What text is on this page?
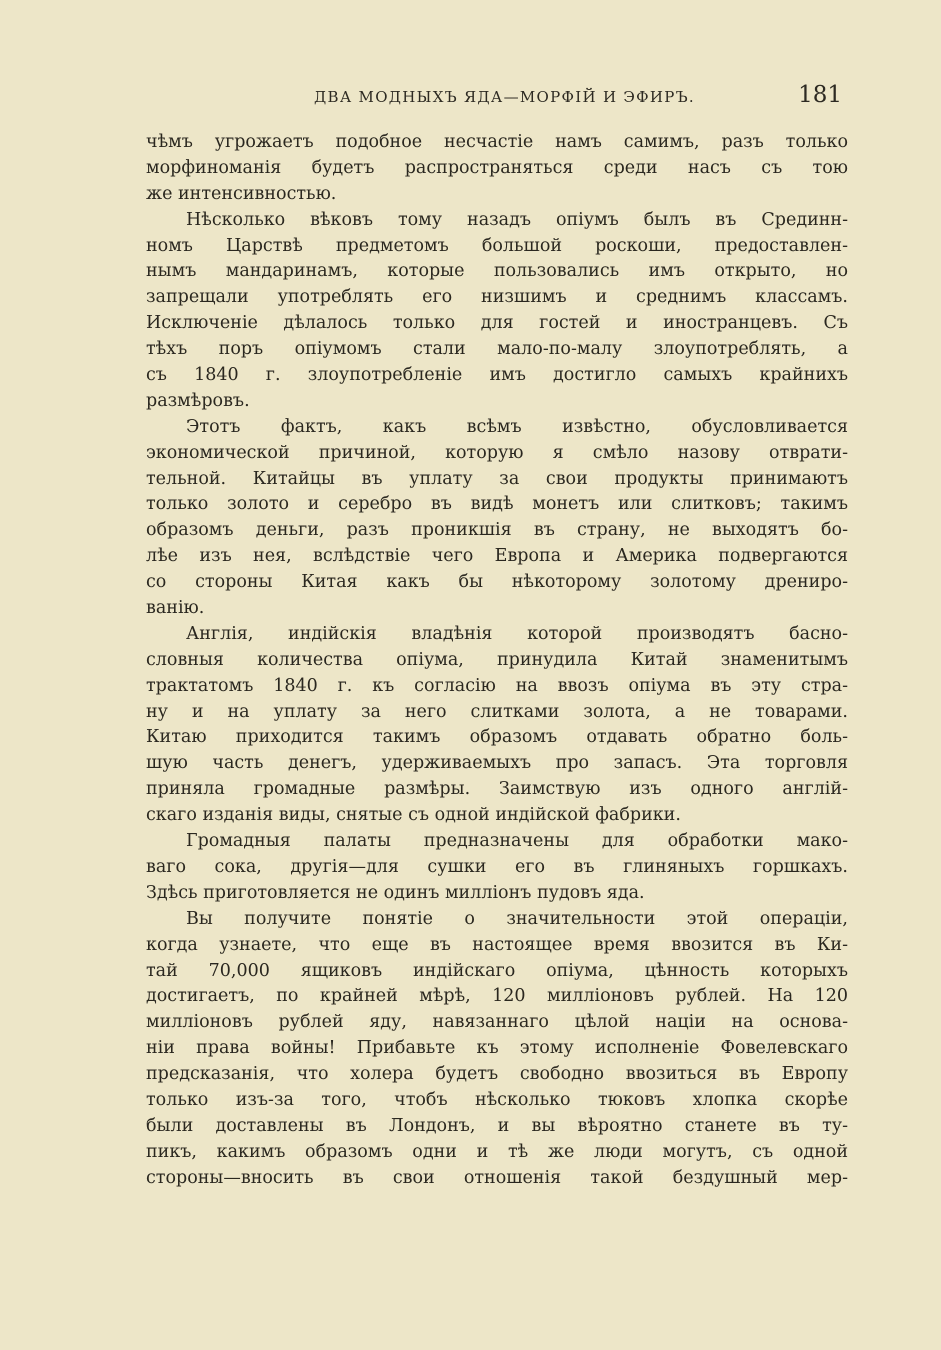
ДВА МОДНЫХЪ ЯДА—МОРФІЙ И ЭФИРЪ.	181
чѣмъ угрожаетъ подобное несчастіе намъ самимъ, разъ только
морфиноманія будетъ распространяться среди насъ съ тою
же интенсивностью.
Нѣсколько вѣковъ тому назадъ опіумъ былъ въ Срединн-
номъ Царствѣ предметомъ большой роскоши, предоставлен-
нымъ мандаринамъ, которые пользовались имъ открыто, но
запрещали употреблять его низшимъ и среднимъ классамъ.
Исключеніе дѣлалось только для гостей и иностранцевъ. Съ
тѣхъ поръ опіумомъ стали мало-по-малу злоупотреблять, а
съ 1840 г. злоупотребленіе имъ достигло самыхъ крайнихъ
размѣровъ.
Этотъ фактъ, какъ всѣмъ извѣстно, обусловливается
экономической причиной, которую я смѣло назову отврати-
тельной. Китайцы въ уплату за свои продукты принимаютъ
только золото и серебро въ видѣ монетъ или слитковъ; такимъ
образомъ деньги, разъ проникшія въ страну, не выходятъ бо-
лѣе изъ нея, вслѣдствіе чего Европа и Америка подвергаются
со стороны Китая какъ бы нѣкоторому золотому дрениро-
ванію.
Англія, индійскія владѣнія которой производятъ басно-
словныя количества опіума, принудила Китай знаменитымъ
трактатомъ 1840 г. къ согласію на ввозъ опіума въ эту стра-
ну и на уплату за него слитками золота, а не товарами.
Китаю приходится такимъ образомъ отдавать обратно боль-
шую часть денегъ, удерживаемыхъ про запасъ. Эта торговля
приняла громадные размѣры. Заимствую изъ одного англій-
скаго изданія виды, снятые съ одной индійской фабрики.
Громадныя палаты предназначены для обработки мако-
ваго сока, другія—для сушки его въ глиняныхъ горшкахъ.
Здѣсь приготовляется не одинъ милліонъ пудовъ яда.
Вы получите понятіе о значительности этой операціи,
когда узнаете, что еще въ настоящее время ввозится въ Ки-
тай 70,000 ящиковъ индійскаго опіума, цѣнность которыхъ
достигаетъ, по крайней мѣрѣ, 120 милліоновъ рублей. На 120
милліоновъ рублей яду, навязаннаго цѣлой націи на основа-
ніи права войны! Прибавьте къ этому исполненіе Фовелевскаго
предсказанія, что холера будетъ свободно ввозиться въ Европу
только изъ-за того, чтобъ нѣсколько тюковъ хлопка скорѣе
были доставлены въ Лондонъ, и вы вѣроятно станете въ ту-
пикъ, какимъ образомъ одни и тѣ же люди могутъ, съ одной
стороны—вносить въ свои отношенія такой бездушный мер-
